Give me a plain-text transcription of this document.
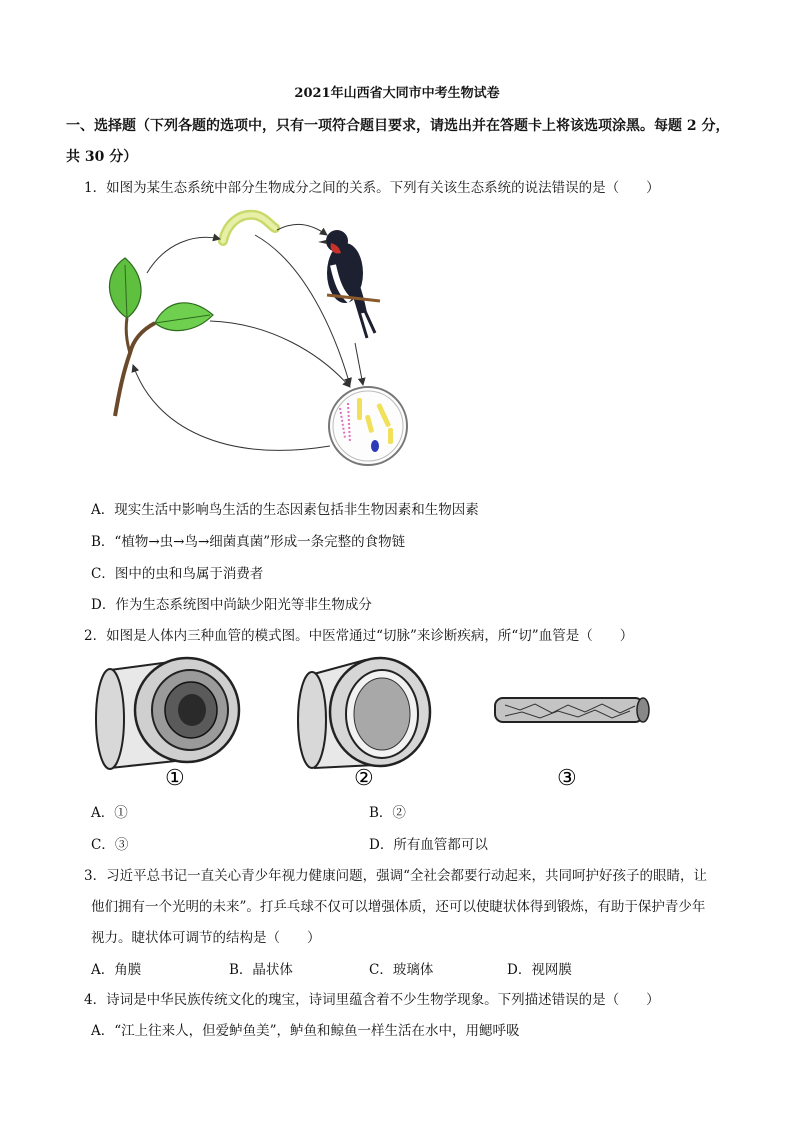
2021年山西省大同市中考生物试卷
一、选择题（下列各题的选项中，只有一项符合题目要求，请选出并在答题卡上将该选项涂黑。每题 2 分，
共 30 分）
1．如图为某生态系统中部分生物成分之间的关系。下列有关该生态系统的说法错误的是（　　）
A．现实生活中影响鸟生活的生态因素包括非生物因素和生物因素
B．“植物→虫→鸟→细菌真菌”形成一条完整的食物链
C．图中的虫和鸟属于消费者
D．作为生态系统图中尚缺少阳光等非生物成分
2．如图是人体内三种血管的模式图。中医常通过“切脉”来诊断疾病，所“切”血管是（　　）
①	②	③
A．①	B．②
C．③	D．所有血管都可以
3．习近平总书记一直关心青少年视力健康问题，强调“全社会都要行动起来，共同呵护好孩子的眼睛，让
他们拥有一个光明的未来”。打乒乓球不仅可以增强体质，还可以使睫状体得到锻炼，有助于保护青少年
视力。睫状体可调节的结构是（　　）
A．角膜	B．晶状体	C．玻璃体	D．视网膜
4．诗词是中华民族传统文化的瑰宝，诗词里蕴含着不少生物学现象。下列描述错误的是（　　）
A．“江上往来人，但爱鲈鱼美”，鲈鱼和鲸鱼一样生活在水中，用鳃呼吸
